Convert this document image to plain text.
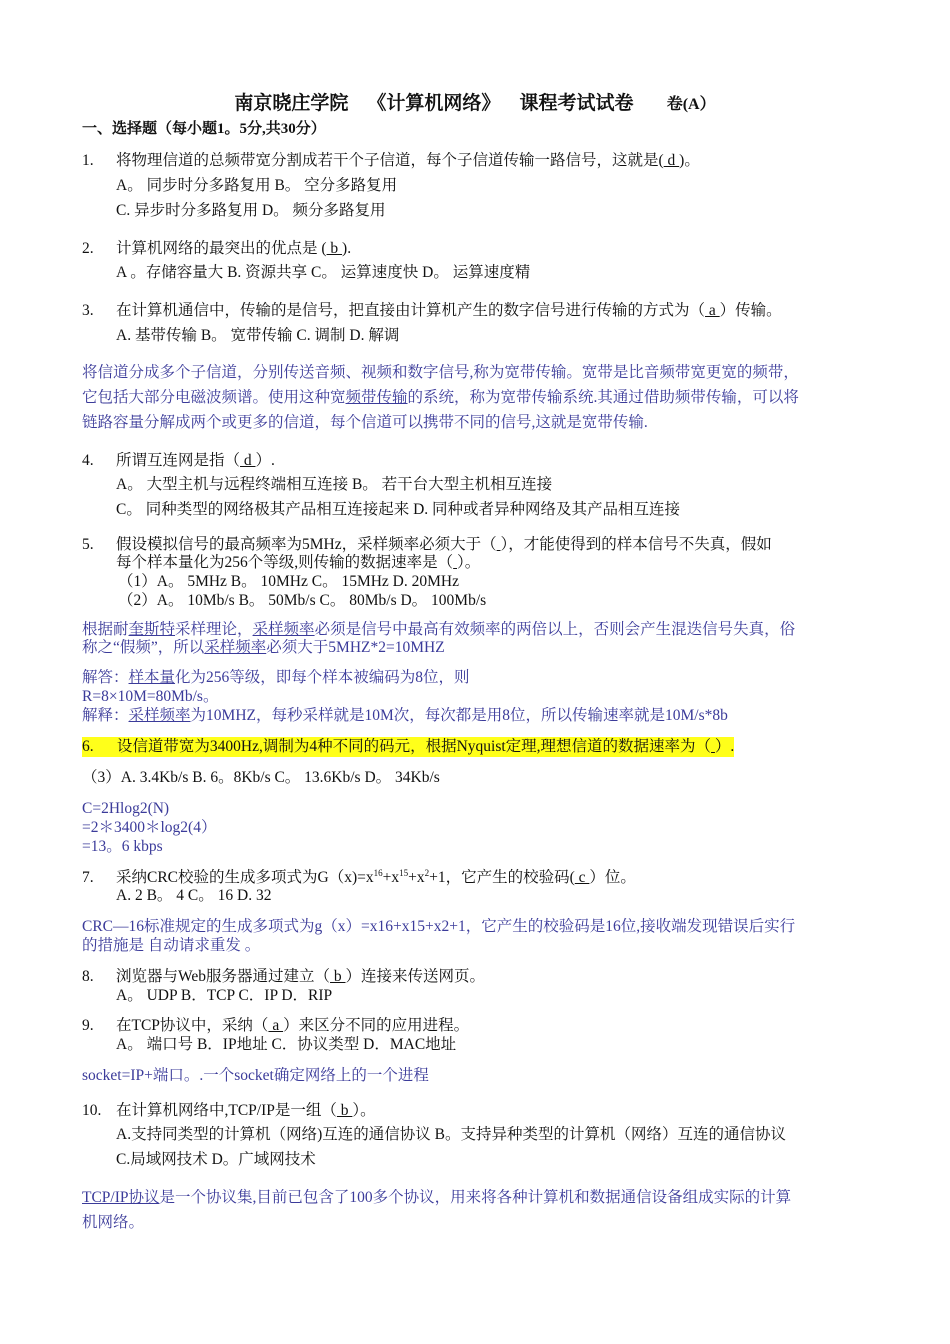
南京晓庄学院 《计算机网络》 课程考试试卷 卷(A）
一、选择题（每小题1。5分,共30分）
1. 将物理信道的总频带宽分割成若干个子信道，每个子信道传输一路信号，这就是( d )。
A。 同步时分多路复用 B。 空分多路复用
C. 异步时分多路复用 D。 频分多路复用
2. 计算机网络的最突出的优点是 ( b ).
A 。存储容量大 B. 资源共享 C。 运算速度快 D。 运算速度精
3. 在计算机通信中，传输的是信号，把直接由计算机产生的数字信号进行传输的方式为（ a ）传输。
A. 基带传输 B。 宽带传输 C. 调制 D. 解调
将信道分成多个子信道，分别传送音频、视频和数字信号,称为宽带传输。宽带是比音频带宽更宽的频带，
它包括大部分电磁波频谱。使用这种宽频带传输的系统，称为宽带传输系统.其通过借助频带传输，可以将
链路容量分解成两个或更多的信道，每个信道可以携带不同的信号,这就是宽带传输.
4. 所谓互连网是指（ d ）.
A。 大型主机与远程终端相互连接 B。 若干台大型主机相互连接
C。 同种类型的网络极其产品相互连接起来 D. 同种或者异种网络及其产品相互连接
5. 假设模拟信号的最高频率为5MHz，采样频率必须大于（ ），才能使得到的样本信号不失真，假如
每个样本量化为256个等级,则传输的数据速率是（ ）。
（1）A。 5MHz B。 10MHz C。 15MHz D. 20MHz
（2）A。 10Mb/s B。 50Mb/s C。 80Mb/s D。 100Mb/s
根据耐奎斯特采样理论，采样频率必须是信号中最高有效频率的两倍以上，否则会产生混迭信号失真，俗
称之“假频”，所以采样频率必须大于5MHZ*2=10MHZ
解答：样本量化为256等级，即每个样本被编码为8位，则
R=8×10M=80Mb/s。
解释：采样频率为10MHZ，每秒采样就是10M次，每次都是用8位，所以传输速率就是10M/s*8b
6. 设信道带宽为3400Hz,调制为4种不同的码元，根据Nyquist定理,理想信道的数据速率为（ ）.
（3）A. 3.4Kb/s B. 6。8Kb/s C。 13.6Kb/s D。 34Kb/s
C=2Hlog2(N)
=2＊3400＊log2(4）
=13。6 kbps
7. 采纳CRC校验的生成多项式为$G(x)=x^{16}+x^{15}+x^2+1$，它产生的校验码( c ）位。
A. 2 B。 4 C。 16 D. 32
CRC—16标准规定的生成多项式为g（x）=x16+x15+x2+1，它产生的校验码是16位,接收端发现错误后实行
的措施是 自动请求重发 。
8. 浏览器与Web服务器通过建立（ b ）连接来传送网页。
A。 UDP B．TCP C．IP D．RIP
9. 在TCP协议中，采纳（ a ）来区分不同的应用进程。
A。 端口号 B．IP地址 C．协议类型 D．MAC地址
socket=IP+端口。.一个socket确定网络上的一个进程
10. 在计算机网络中,TCP/IP是一组（ b ）。
A.支持同类型的计算机（网络)互连的通信协议 B。支持异种类型的计算机（网络）互连的通信协议
C.局域网技术 D。广域网技术
TCP/IP协议是一个协议集,目前已包含了100多个协议，用来将各种计算机和数据通信设备组成实际的计算
机网络。
